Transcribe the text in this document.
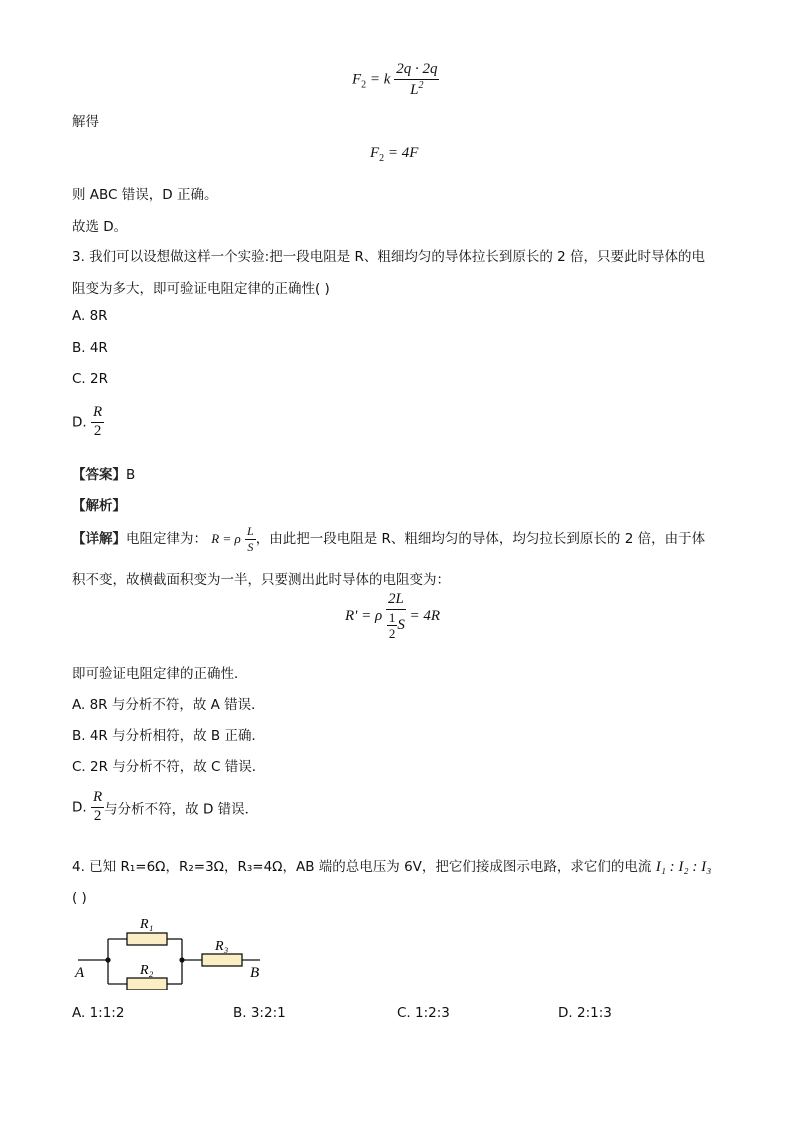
$F_2 = k \frac{2q \cdot 2q}{L^2}$
解得
$F_2 = 4F$
则 ABC 错误，D 正确。
故选 D。
3. 我们可以设想做这样一个实验:把一段电阻是 R、粗细均匀的导体拉长到原长的 2 倍，只要此时导体的电
阻变为多大，即可验证电阻定律的正确性( )
A. 8R
B. 4R
C. 2R
D. $\frac{R}{2}$
【答案】B
【解析】
【详解】电阻定律为： R = ρ $\frac{L}{S}$ ，由此把一段电阻是 R、粗细均匀的导体，均匀拉长到原长的 2 倍，由于体
积不变，故横截面积变为一半，只要测出此时导体的电阻变为：
R' = ρ $\frac{2L}{\frac{1}{2} S} = 4R$
即可验证电阻定律的正确性．
A. 8R 与分析不符，故 A 错误．
B. 4R 与分析相符，故 B 正确．
C. 2R 与分析不符，故 C 错误．
D. $\frac{R}{2}$ 与分析不符，故 D 错误．
4. 已知 R₁=6Ω，R₂=3Ω，R₃=4Ω，AB 端的总电压为 6V，把它们接成图示电路，求它们的电流 I₁ : I₂ : I₃
( )
R₁
R₂
R₃
A	B
A. 1:1:2	B. 3:2:1	C. 1:2:3	D. 2:1:3
